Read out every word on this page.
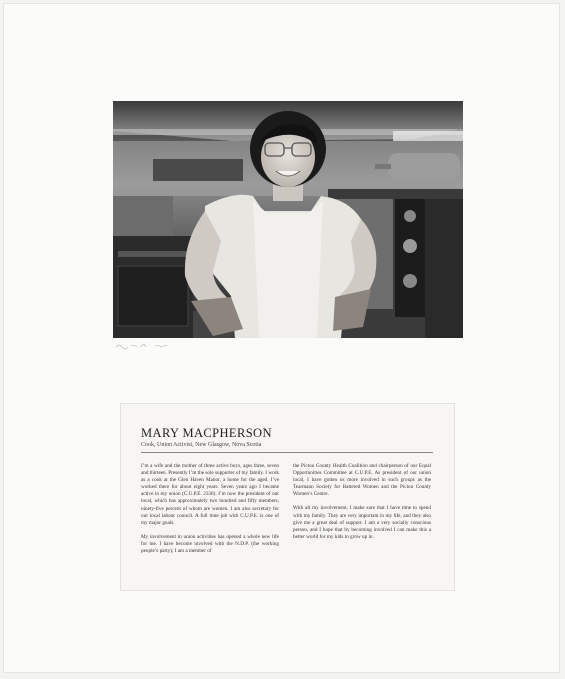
MARY MACPHERSON
Cook, Union Activist, New Glasgow, Nova Scotia

I’m a wife and the mother of three active boys, ages three, seven and thirteen. Presently I’m the sole supporter of my family. I work as a cook at the Glen Haven Manor, a home for the aged. I’ve worked there for about eight years. Seven years ago I became active in my union (C.U.P.E. 2330). I’m now the president of our local, which has approximately two hundred and fifty members, ninety-five percent of whom are women. I am also secretary for our local labour council. A full time job with C.U.P.E. is one of my major goals.

My involvement in union activities has opened a whole new life for me. I have become involved with the N.D.P. (the working people’s party); I am a member of

the Pictou County Health Coalition and chairperson of our Equal Opportunities Committee at C.U.P.E. As president of our union local, I have gotten us more involved in such groups as the Tearmann Society for Battered Women and the Pictou County Women’s Centre.

With all my involvement, I make sure that I have time to spend with my family. They are very important in my life, and they also give me a great deal of support. I am a very socially conscious person, and I hope that by becoming involved I can make this a better world for my kids to grow up in.
